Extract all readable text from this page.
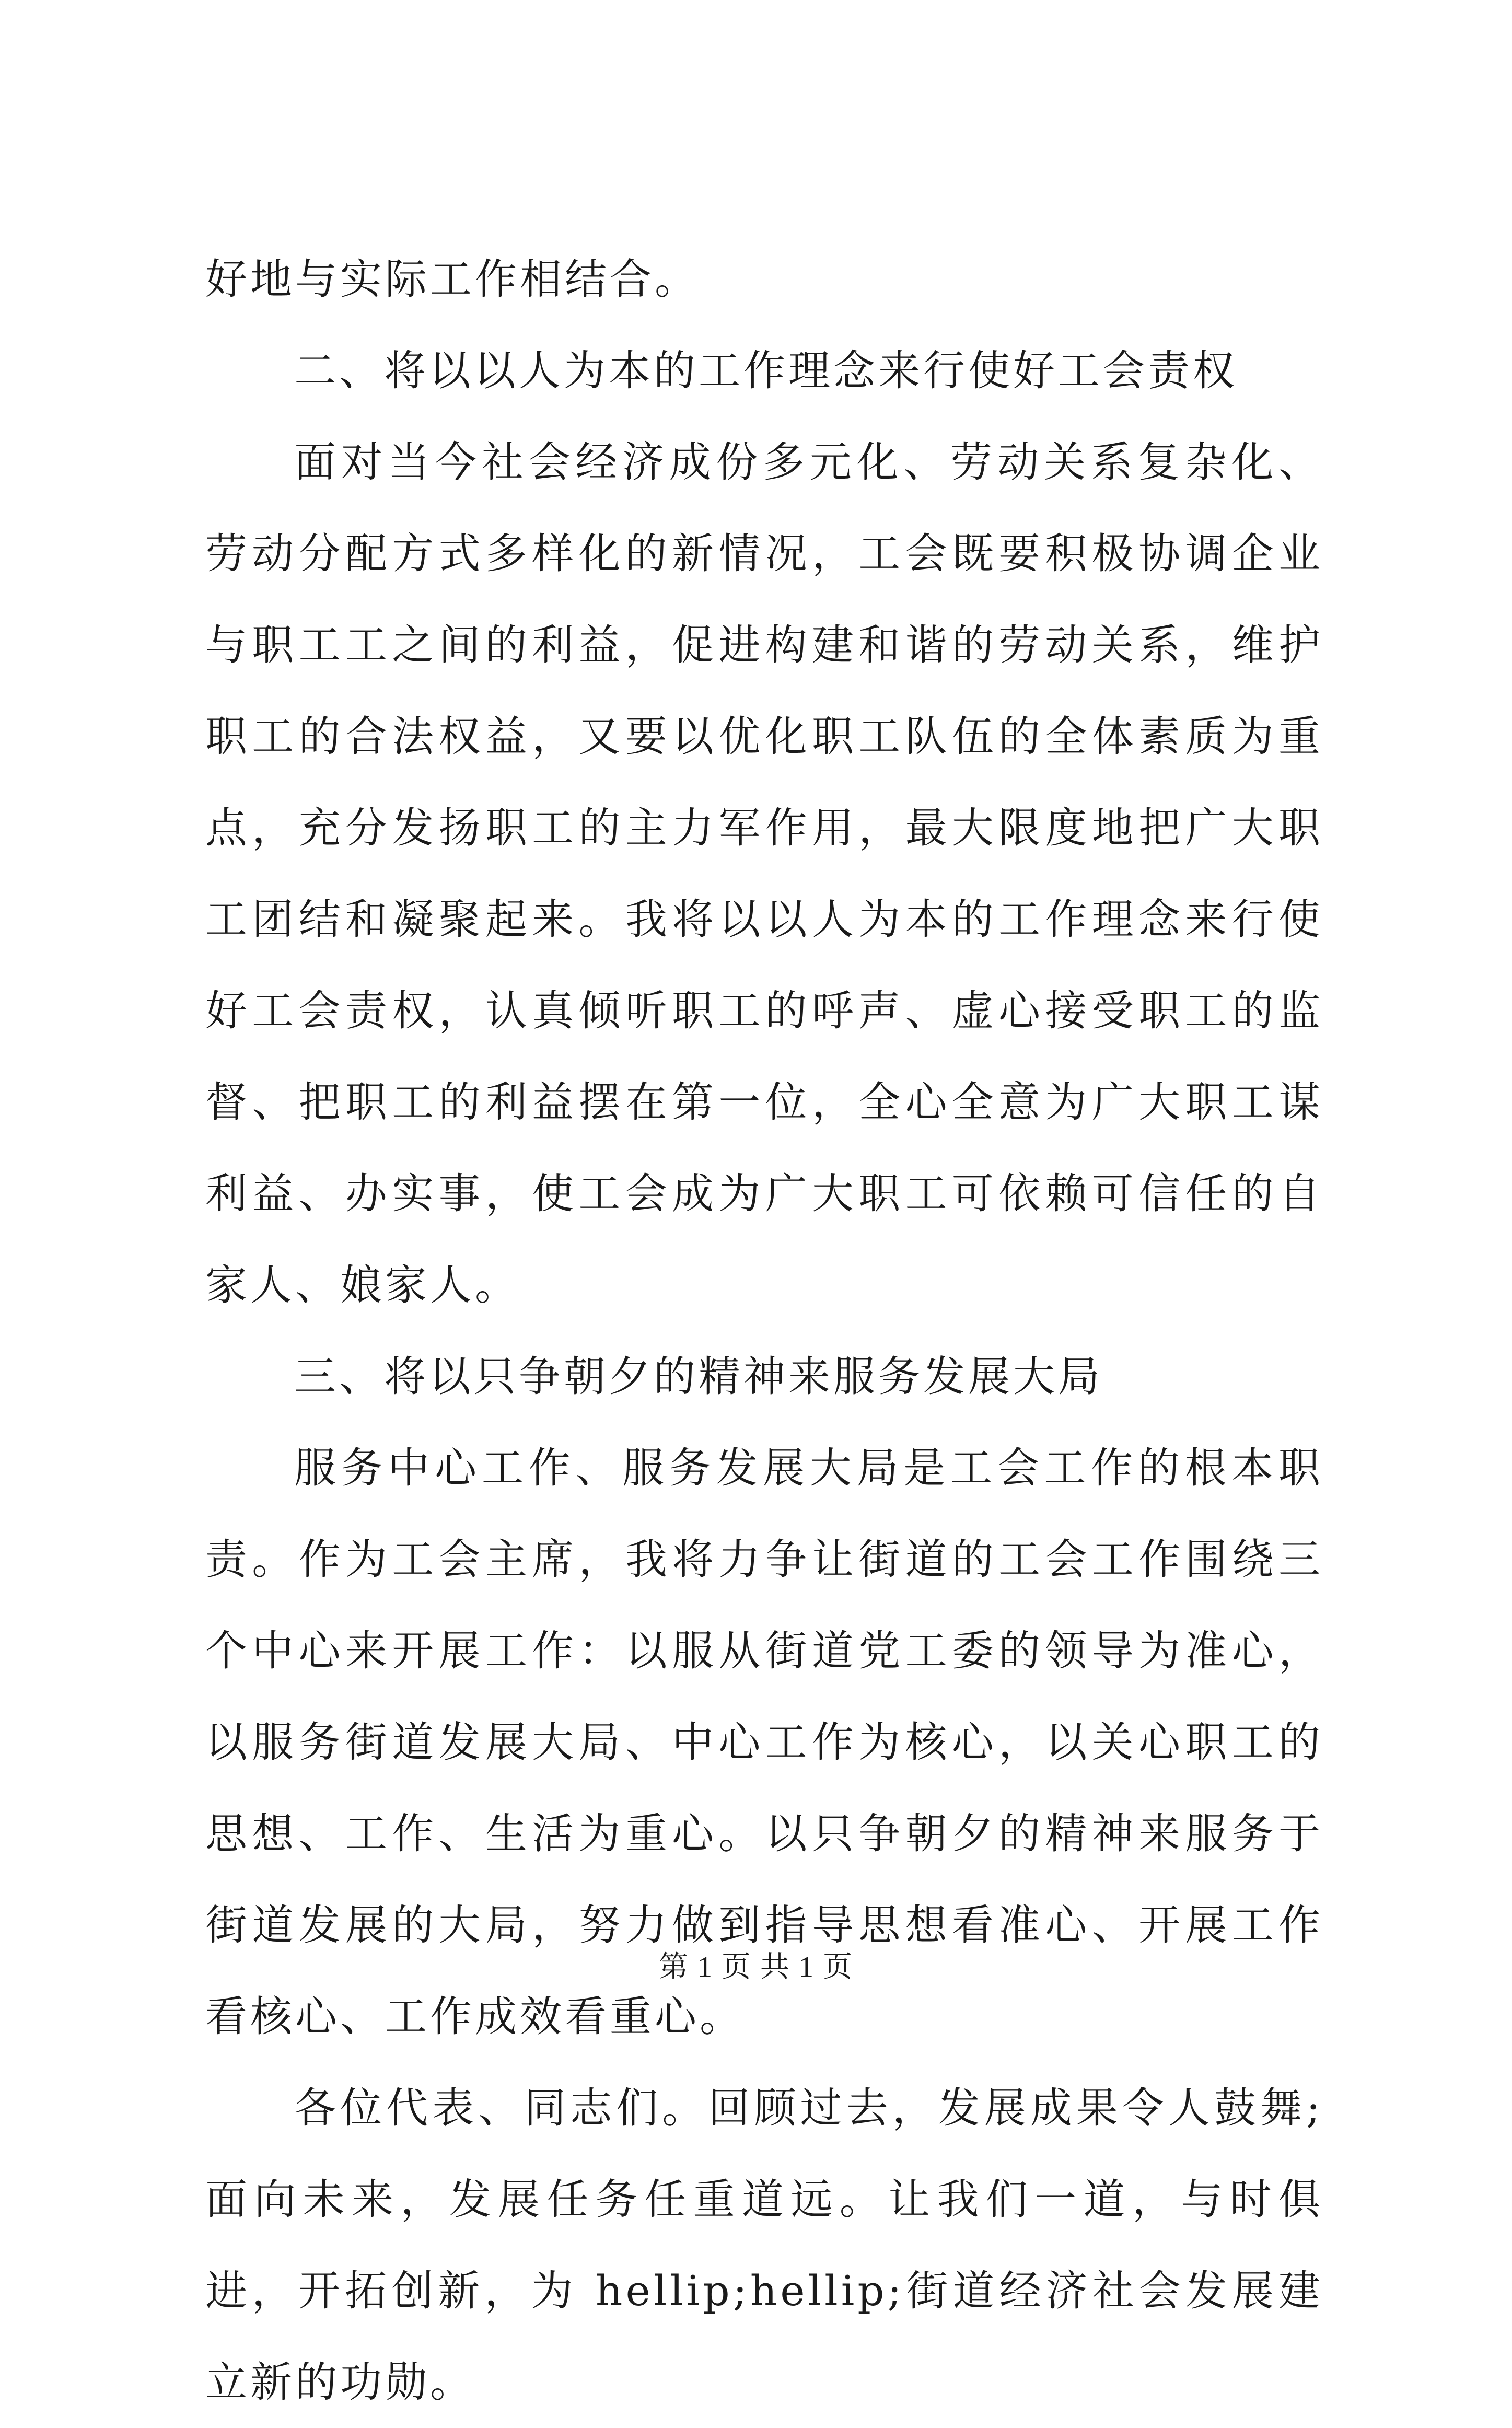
好地与实际工作相结合。

二、将以以人为本的工作理念来行使好工会责权

面对当今社会经济成份多元化、劳动关系复杂化、劳动分配方式多样化的新情况，工会既要积极协调企业与职工工之间的利益，促进构建和谐的劳动关系，维护职工的合法权益，又要以优化职工队伍的全体素质为重点，充分发扬职工的主力军作用，最大限度地把广大职工团结和凝聚起来。我将以以人为本的工作理念来行使好工会责权，认真倾听职工的呼声、虚心接受职工的监督、把职工的利益摆在第一位，全心全意为广大职工谋利益、办实事，使工会成为广大职工可依赖可信任的自家人、娘家人。

三、将以只争朝夕的精神来服务发展大局

服务中心工作、服务发展大局是工会工作的根本职责。作为工会主席，我将力争让街道的工会工作围绕三个中心来开展工作：以服从街道党工委的领导为准心，以服务街道发展大局、中心工作为核心，以关心职工的思想、工作、生活为重心。以只争朝夕的精神来服务于街道发展的大局，努力做到指导思想看准心、开展工作看核心、工作成效看重心。

各位代表、同志们。回顾过去，发展成果令人鼓舞;面向未来，发展任务任重道远。让我们一道，与时俱进，开拓创新，为 hellip;hellip;街道经济社会发展建立新的功勋。

第 1 页 共 1 页
